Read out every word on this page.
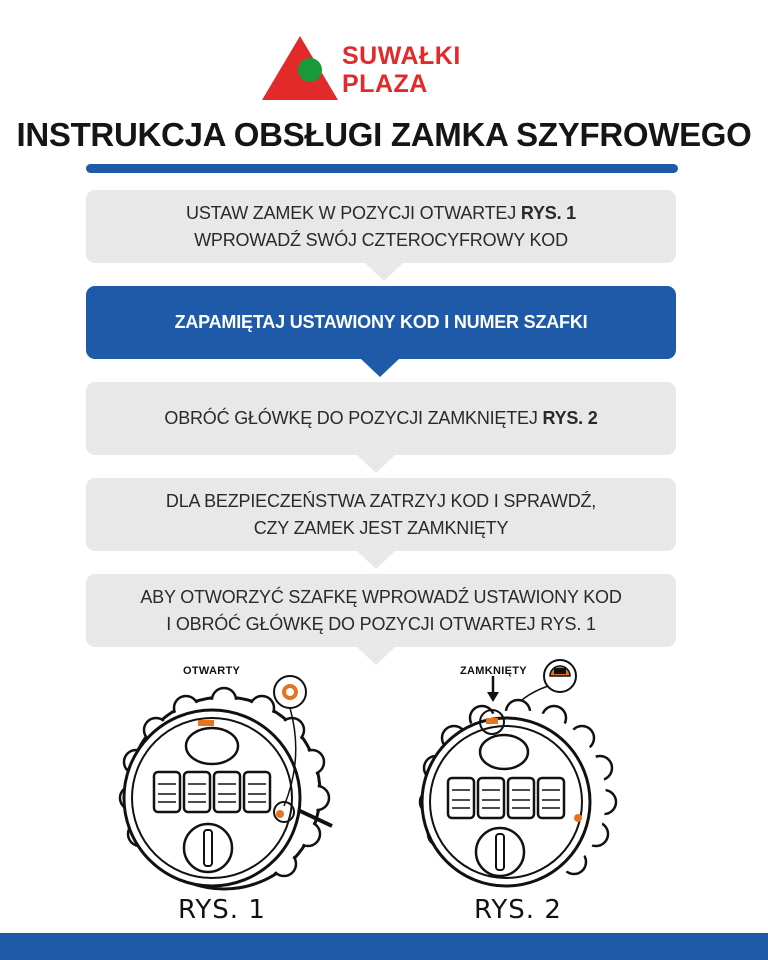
SUWAŁKI
PLAZA
INSTRUKCJA OBSŁUGI ZAMKA SZYFROWEGO
USTAW ZAMEK W POZYCJI OTWARTEJ RYS. 1
WPROWADŹ SWÓJ CZTEROCYFROWY KOD
ZAPAMIĘTAJ USTAWIONY KOD I NUMER SZAFKI
OBRÓĆ GŁÓWKĘ DO POZYCJI ZAMKNIĘTEJ RYS. 2
DLA BEZPIECZEŃSTWA ZATRZYJ KOD I SPRAWDŹ,
CZY ZAMEK JEST ZAMKNIĘTY
ABY OTWORZYĆ SZAFKĘ WPROWADŹ USTAWIONY KOD
I OBRÓĆ GŁÓWKĘ DO POZYCJI OTWARTEJ RYS. 1
OTWARTY
RYS. 1
ZAMKNIĘTY
RYS. 2
